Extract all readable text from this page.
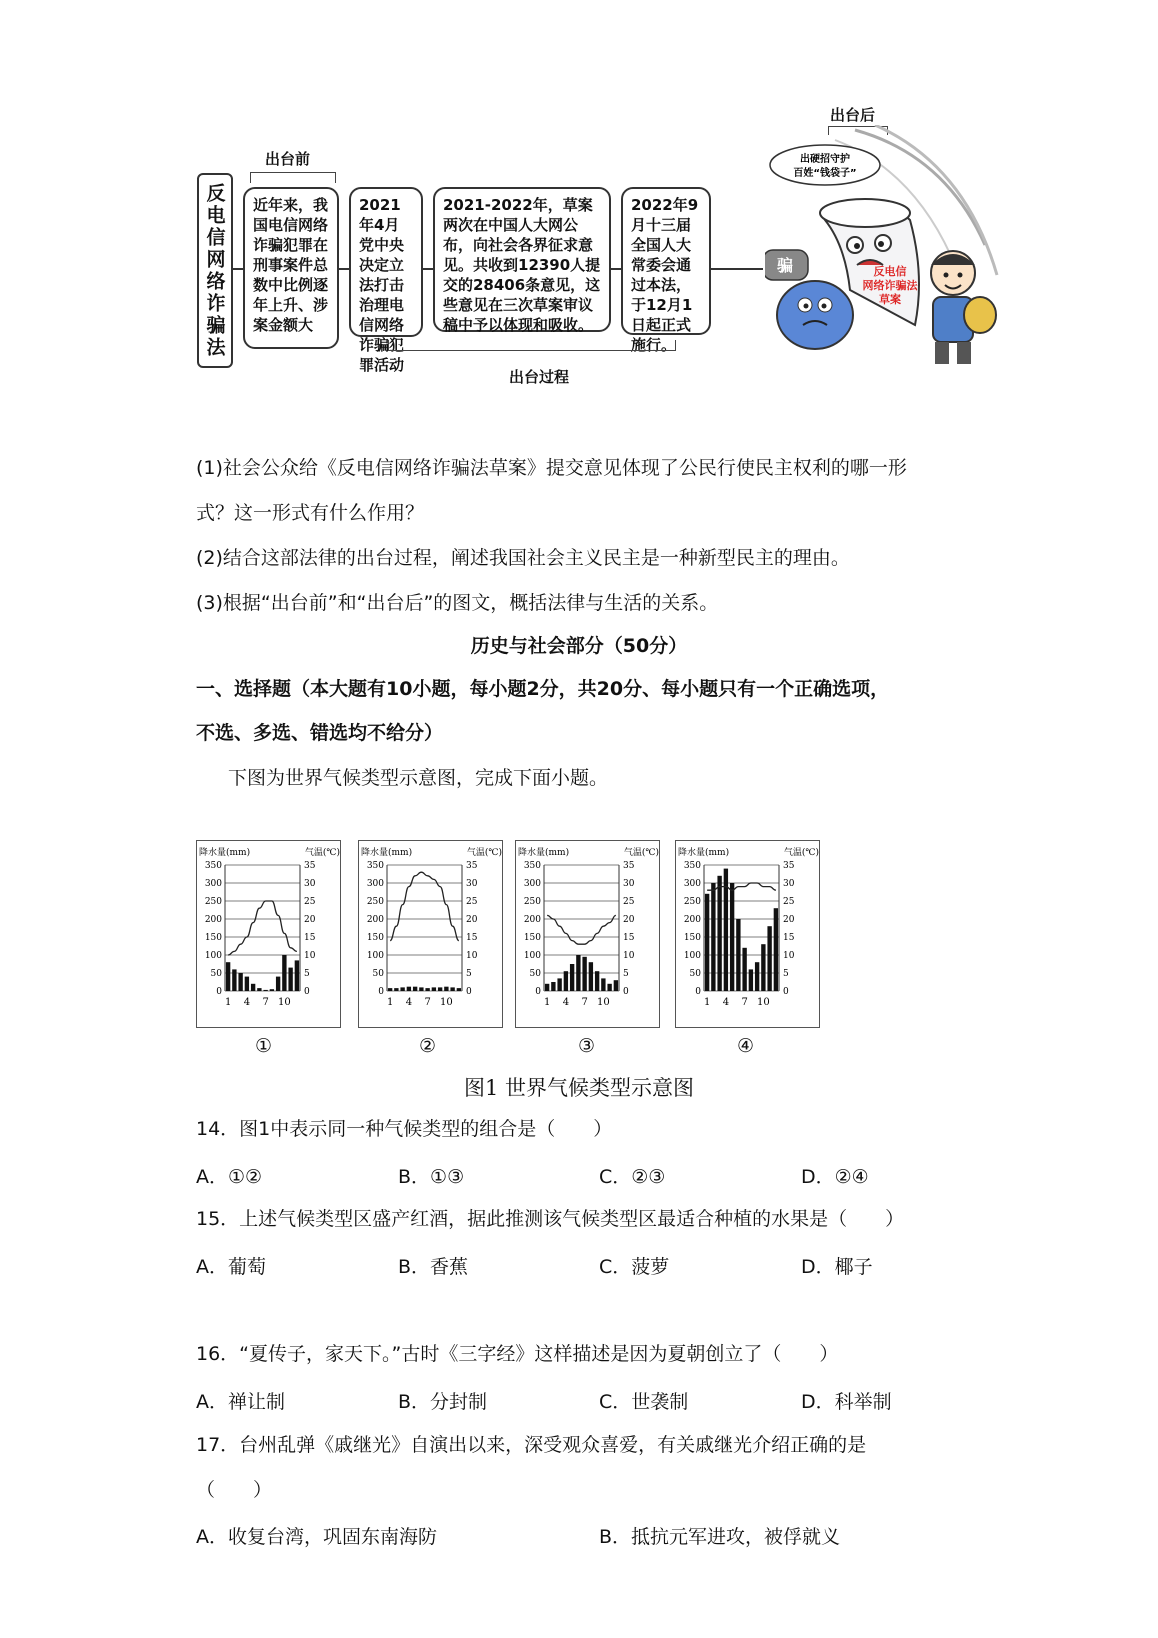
反电信网络诈骗法
出台前
近年来，我国电信网络诈骗犯罪在刑事案件总数中比例逐年上升、涉案金额大
2021年4月党中央决定立法打击治理电信网络诈骗犯罪活动
2021-2022年，草案两次在中国人大网公布，向社会各界征求意见。共收到12390人提交的28406条意见，这些意见在三次草案审议稿中予以体现和吸收。
2022年9月十三届全国人大常委会通过本法，于12月1日起正式施行。
出台过程
出台后
出硬招守护
百姓“钱袋子”
反电信
网络诈骗法
草案
骗
(1)社会公众给《反电信网络诈骗法草案》提交意见体现了公民行使民主权利的哪一形
式？这一形式有什么作用？
(2)结合这部法律的出台过程，阐述我国社会主义民主是一种新型民主的理由。
(3)根据“出台前”和“出台后”的图文，概括法律与生活的关系。
历史与社会部分（50分）
一、选择题（本大题有10小题，每小题2分，共20分、每小题只有一个正确选项，
不选、多选、错选均不给分）
下图为世界气候类型示意图，完成下面小题。
降水量(mm)	气温(℃)
0	0
50	5
100	10
150	15
200	20
250	25
300	30
350	35
1 4 7 10
降水量(mm)	气温(℃)
0	0
50	5
100	10
150	15
200	20
250	25
300	30
350	35
1 4 7 10
降水量(mm)	气温(℃)
0	0
50	5
100	10
150	15
200	20
250	25
300	30
350	35
1 4 7 10
降水量(mm)	气温(℃)
0	0
50	5
100	10
150	15
200	20
250	25
300	30
350	35
1 4 7 10
①	②	③	④
图1 世界气候类型示意图
14．图1中表示同一种气候类型的组合是（　　）
A．①②	B．①③	C．②③	D．②④
15．上述气候类型区盛产红酒，据此推测该气候类型区最适合种植的水果是（　　）
A．葡萄	B．香蕉	C．菠萝	D．椰子
16．“夏传子，家天下。”古时《三字经》这样描述是因为夏朝创立了（　　）
A．禅让制	B．分封制	C．世袭制	D．科举制
17．台州乱弹《戚继光》自演出以来，深受观众喜爱，有关戚继光介绍正确的是
（　　）
A．收复台湾，巩固东南海防	B．抵抗元军进攻，被俘就义
